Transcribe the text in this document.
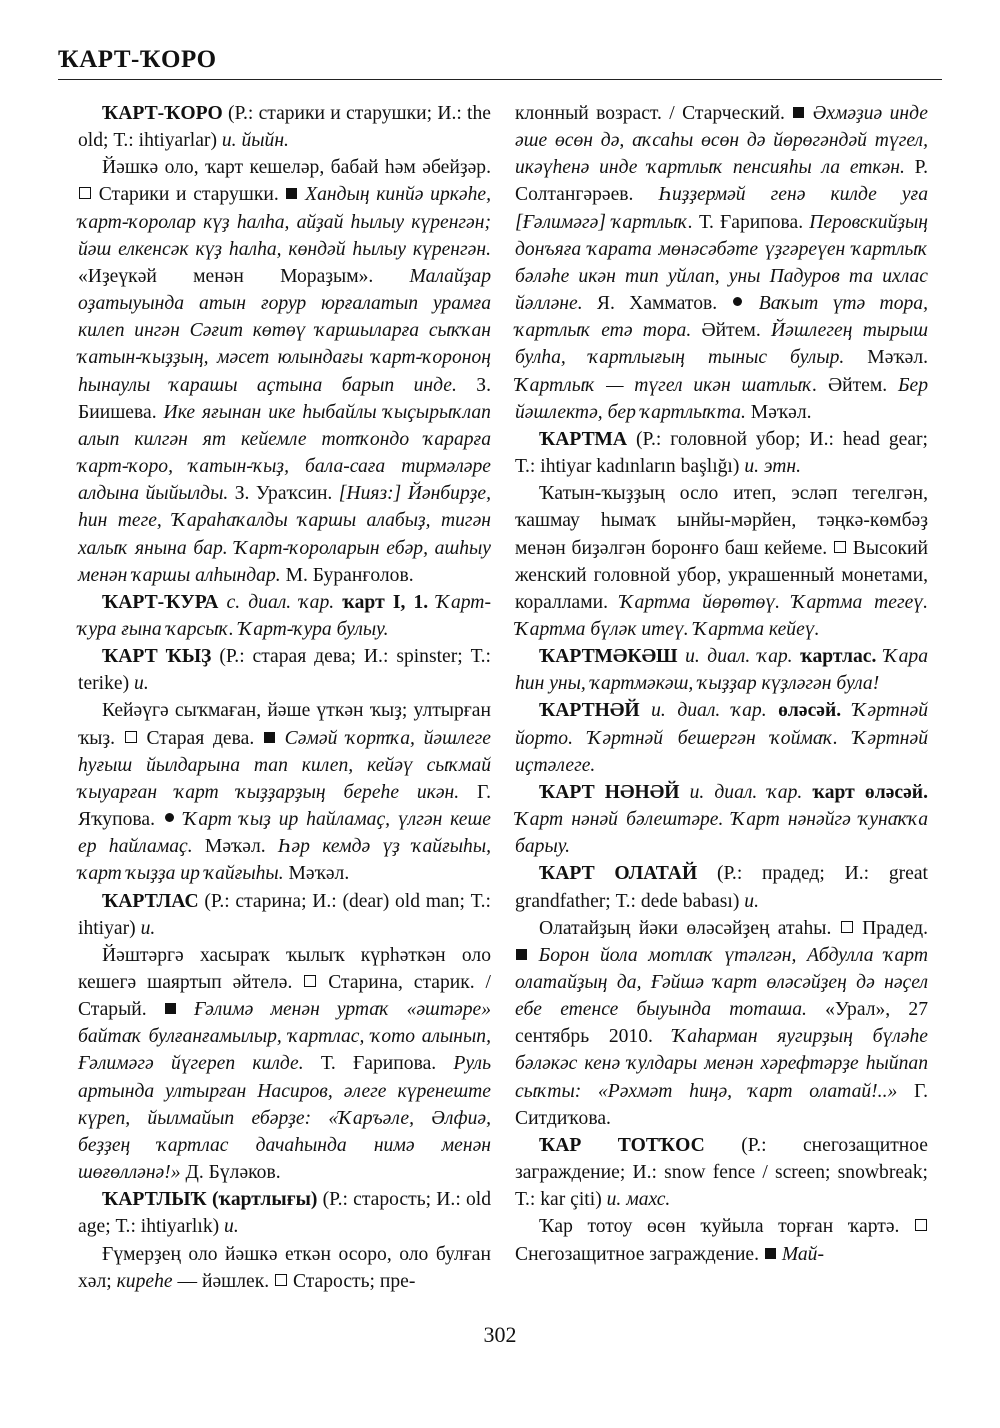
ҠАРТ-ҠОРО

ҠАРТ-ҠОРО (Р.: старики и старушки; И.: the old; Т.: ihtiyarlar) и. йыйн.

Йәшкә оло, ҡарт кешеләр, бабай һәм әбейҙәр.  Старики и старушки.  Хандың кинйә иркәһе, ҡарт-ҡоролар күҙ һалһа, айҙай һылыу күренгән; йәш елкенсәк күҙ һалһа, көндәй һылыу күренгән. «Иҙеүкәй менән Мораҙым». Малайҙар оҙатыуында атын ғорур юрғалатып урамға килеп ингән Сәғит көтөү ҡаршыларға сыҡҡан ҡатын-ҡыҙҙың, мәсет юлындағы ҡарт-ҡороноң һынаулы ҡарашы аҫтына барып инде. З. Биишева. Ике яғынан ике һыбайлы ҡыҫырыҡлап алып килгән ят кейемле тотҡондо ҡарарға ҡарт-ҡоро, ҡатын-ҡыҙ, бала-саға тирмәләре алдына йыйылды. З. Ураҡсин. [Нияз:] Йәнбирҙе, һин теге, Ҡараһаҡалды ҡаршы алабыҙ, тигән халыҡ янына бар. Ҡарт-ҡороларын ебәр, ашһыу менән ҡаршы алһындар. М. Буранғолов.

ҠАРТ-ҠУРА с. диал. ҡар. ҡарт I, 1. Ҡарт-ҡура ғына ҡарсыҡ. Ҡарт-ҡура булыу.

ҠАРТ ҠЫҘ (Р.: старая дева; И.: spinster; Т.: terike) и.

Кейәүгә сыҡмаған, йәше үткән ҡыҙ; ултырған ҡыҙ.  Старая дева.  Сәмәй ҡортҡа, йәшлеге һуғыш йылдарына тап килеп, кейәү сыҡмай ҡыуарған ҡарт ҡыҙҙарҙың береһе икән. Г. Яҡупова.  Ҡарт ҡыҙ ир һайламаҫ, үлгән кеше ер һайламаҫ. Мәҡәл. Һәр кемдә үҙ ҡайғыһы, ҡарт ҡыҙҙа ир ҡайғыһы. Мәҡәл.

ҠАРТЛАС (Р.: старина; И.: (dear) old man; Т.: ihtiyar) и.

Йәштәргә хасыраҡ ҡылыҡ күрһәткән оло кешегә шаяртып әйтелә.  Старина, старик. / Старый.  Ғәлимә менән уртаҡ «әштәре» байтаҡ булғанғамылыр, ҡартлас, ҡото алынып, Ғәлимәгә йүгереп килде. Т. Ғарипова. Руль артында ултырған Насиров, әлеге күренеште күреп, йылмайып ебәрҙе: «Ҡаръәле, Әлфиә, беҙҙең ҡартлас дачаһында нимә менән шөғөлләнә!» Д. Бүләков.

ҠАРТЛЫҠ (ҡартлығы) (Р.: старость; И.: old age; Т.: ihtiyarlık) и.

Ғүмерҙең оло йәшкә еткән осоро, оло булған хәл; киреһе — йәшлек.  Старость; пре-

клонный возраст. / Старческий.  Әхмәҙиә инде әше өсөн дә, аҡсаһы өсөн дә йөрөгәндәй түгел, икәүһенә инде ҡартлыҡ пенсияһы ла еткән. Р. Солтангәрәев. Һиҙҙермәй генә килде уға [Ғәлимәгә] ҡартлыҡ. Т. Ғарипова. Перовскийҙың донъяға ҡарата мөнәсәбәте үҙгәреүен ҡартлыҡ бәләһе икән тип уйлап, уны Падуров та ихлас йәлләне. Я. Хамматов.  Ваҡыт үтә тора, ҡартлыҡ етә тора. Әйтем. Йәшлегең тырыш булһа, ҡартлығың тыныс булыр. Мәҡәл. Ҡартлыҡ — түгел икән шатлыҡ. Әйтем. Бер йәшлектә, бер ҡартлыҡта. Мәҡәл.

ҠАРТМА (Р.: головной убор; И.: head gear; Т.: ihtiyar kadınların başlığı) и. этн.

Ҡатын-ҡыҙҙың осло итеп, эсләп тегелгән, ҡашмау һымаҡ ынйы-мәрйен, тәңкә-көмбәҙ менән биҙәлгән боронғо баш кейеме.  Высокий женский головной убор, украшенный монетами, кораллами. Ҡартма йөрөтөү. Ҡартма тегеү. Ҡартма бүләк итеү. Ҡартма кейеү.

ҠАРТМӘКӘШ и. диал. ҡар. ҡартлас. Ҡара һин уны, ҡартмәкәш, ҡыҙҙар күҙләгән була!

ҠАРТНӘЙ и. диал. ҡар. өләсәй. Ҡәртнәй йорто. Ҡәртнәй бешергән ҡоймаҡ. Ҡәртнәй иҫтәлеге.

ҠАРТ НӘНӘЙ и. диал. ҡар. ҡарт өләсәй. Ҡарт нәнәй бәлештәре. Ҡарт нәнәйгә ҡунаҡҡа барыу.

ҠАРТ ОЛАТАЙ (Р.: прадед; И.: great grandfather; Т.: dede babası) и.

Олатайҙың йәки өләсәйҙең атаһы.  Прадед.  Борон йола мотлаҡ үтәлгән, Абдулла ҡарт олатайҙың да, Ғәйшә ҡарт өләсәйҙең дә нәҫел ебе етенсе быуында тоташа. «Урал», 27 сентябрь 2010. Ҡаһарман яугирҙың бүләһе бәләкәс кенә ҡулдары менән хәрефтәрҙе һыйпап сыҡты: «Рәхмәт һиңә, ҡарт олатай!..» Г. Ситдиҡова.

ҠАР ТОТҠОС (Р.: снегозащитное заграждение; И.: snow fence / screen; snowbreak; Т.: kar çiti) и. махс.

Ҡар тотоу өсөн ҡуйыла торған ҡартә.  Снегозащитное заграждение.  Май-

302
